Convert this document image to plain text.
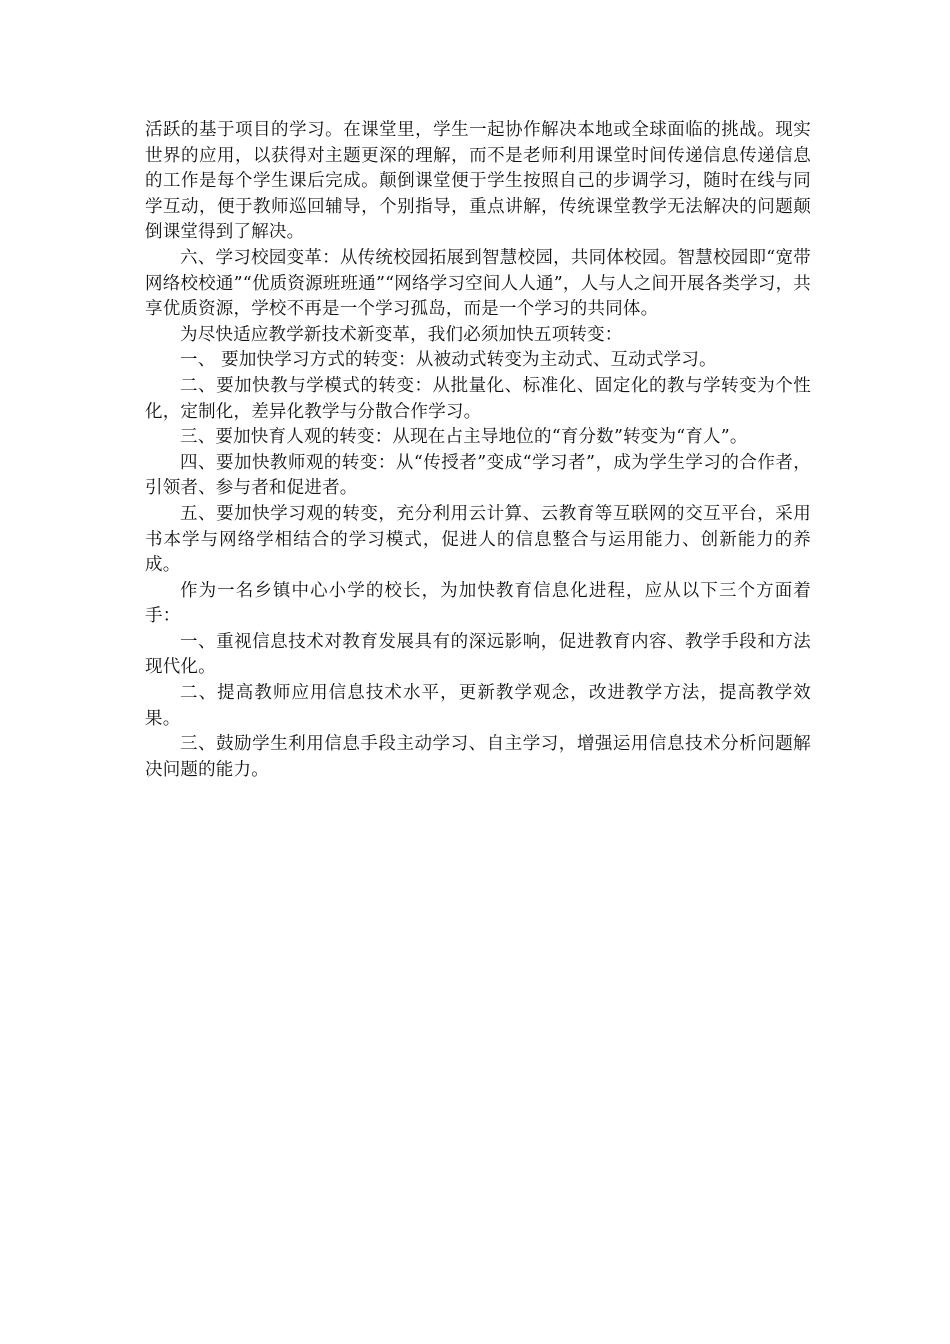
活跃的基于项目的学习。在课堂里，学生一起协作解决本地或全球面临的挑战。现实世界的应用，以获得对主题更深的理解，而不是老师利用课堂时间传递信息传递信息的工作是每个学生课后完成。颠倒课堂便于学生按照自己的步调学习，随时在线与同学互动，便于教师巡回辅导，个别指导，重点讲解，传统课堂教学无法解决的问题颠倒课堂得到了解决。

六、学习校园变革：从传统校园拓展到智慧校园，共同体校园。智慧校园即“宽带网络校校通”“优质资源班班通”“网络学习空间人人通”，人与人之间开展各类学习，共享优质资源，学校不再是一个学习孤岛，而是一个学习的共同体。

为尽快适应教学新技术新变革，我们必须加快五项转变：

一、 要加快学习方式的转变：从被动式转变为主动式、互动式学习。

二、要加快教与学模式的转变：从批量化、标准化、固定化的教与学转变为个性化，定制化，差异化教学与分散合作学习。

三、要加快育人观的转变：从现在占主导地位的“育分数”转变为“育人”。

四、要加快教师观的转变：从“传授者”变成“学习者”，成为学生学习的合作者，引领者、参与者和促进者。

五、要加快学习观的转变，充分利用云计算、云教育等互联网的交互平台，采用书本学与网络学相结合的学习模式，促进人的信息整合与运用能力、创新能力的养成。

作为一名乡镇中心小学的校长，为加快教育信息化进程，应从以下三个方面着手：

一、重视信息技术对教育发展具有的深远影响，促进教育内容、教学手段和方法现代化。

二、提高教师应用信息技术水平，更新教学观念，改进教学方法，提高教学效果。

三、鼓励学生利用信息手段主动学习、自主学习，增强运用信息技术分析问题解决问题的能力。
